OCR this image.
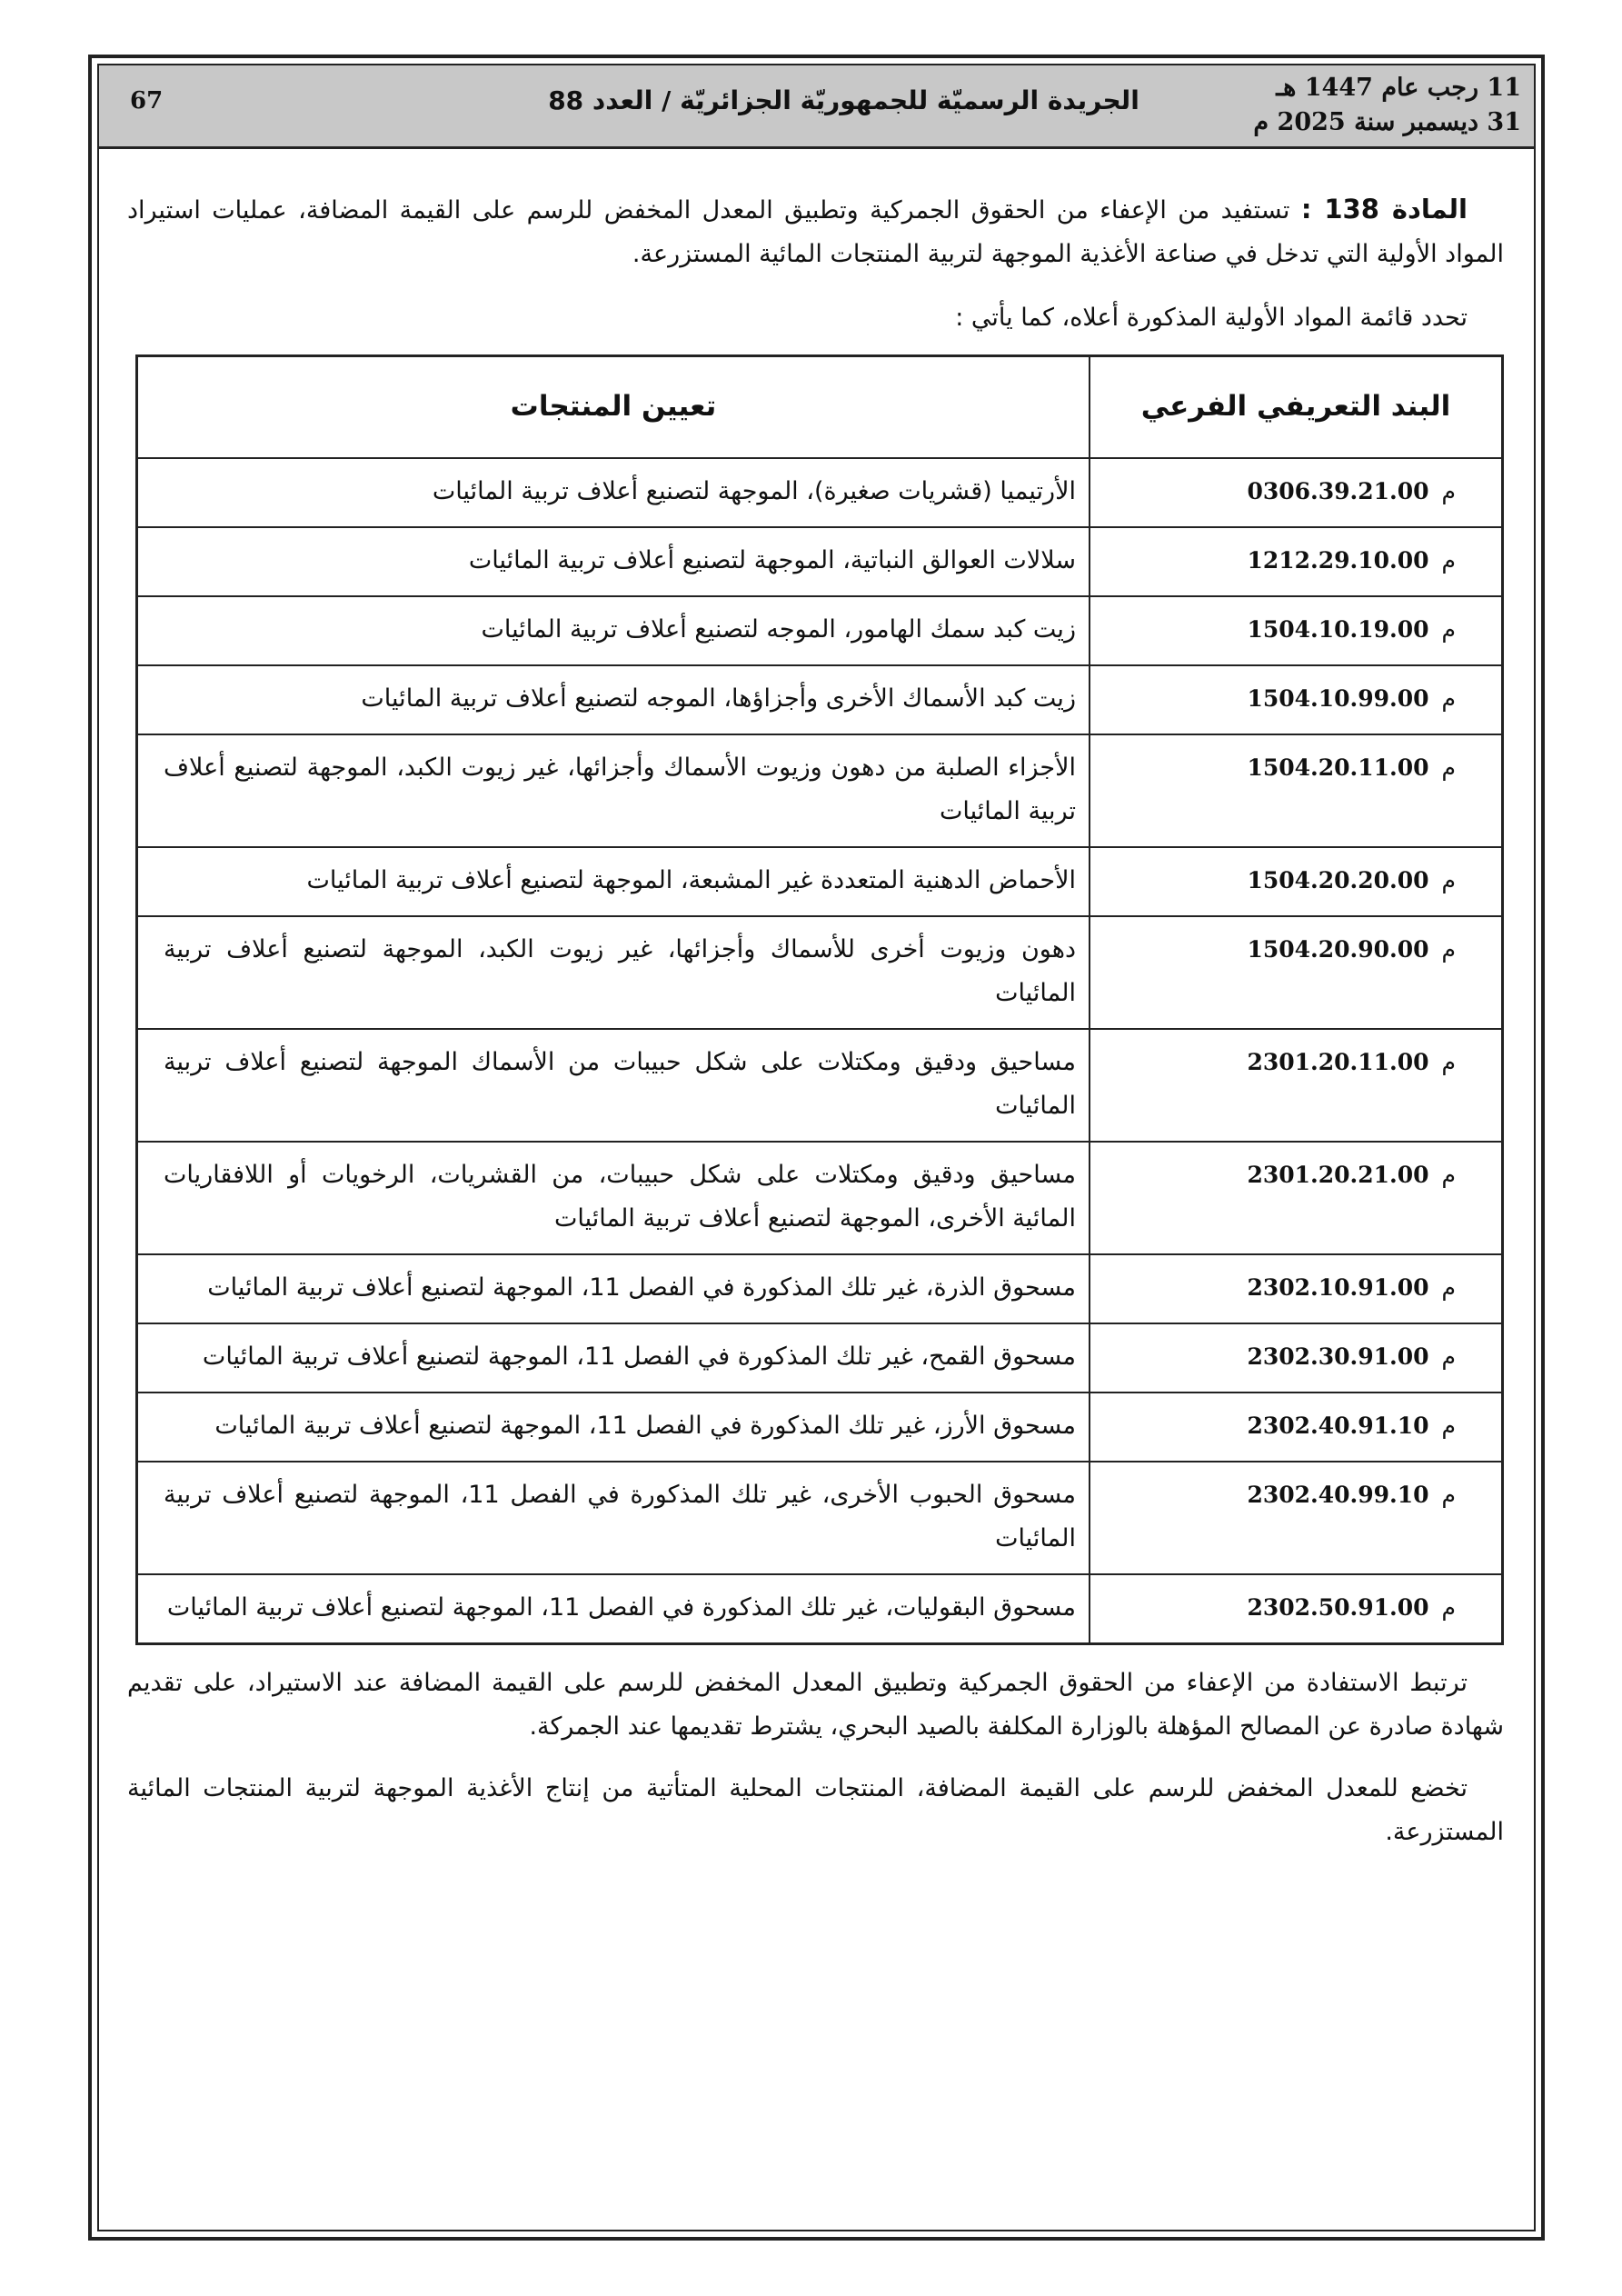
11 رجب عام 1447 هـ
31 ديسمبر سنة 2025 م
الجريدة الرسميّة للجمهوريّة الجزائريّة / العدد 88
67
المادة 138 : تستفيد من الإعفاء من الحقوق الجمركية وتطبيق المعدل المخفض للرسم على القيمة المضافة، عمليات استيراد المواد الأولية التي تدخل في صناعة الأغذية الموجهة لتربية المنتجات المائية المستزرعة.
تحدد قائمة المواد الأولية المذكورة أعلاه، كما يأتي :
البند التعريفي الفرعي	تعيين المنتجات
م0306.39.21.00	الأرتيميا (قشريات صغيرة)، الموجهة لتصنيع أعلاف تربية المائيات
م1212.29.10.00	سلالات العوالق النباتية، الموجهة لتصنيع أعلاف تربية المائيات
م1504.10.19.00	زيت كبد سمك الهامور، الموجه لتصنيع أعلاف تربية المائيات
م1504.10.99.00	زيت كبد الأسماك الأخرى وأجزاؤها، الموجه لتصنيع أعلاف تربية المائيات
م1504.20.11.00	الأجزاء الصلبة من دهون وزيوت الأسماك وأجزائها، غير زيوت الكبد، الموجهة لتصنيع أعلاف تربية المائيات
م1504.20.20.00	الأحماض الدهنية المتعددة غير المشبعة، الموجهة لتصنيع أعلاف تربية المائيات
م1504.20.90.00	دهون وزيوت أخرى للأسماك وأجزائها، غير زيوت الكبد، الموجهة لتصنيع أعلاف تربية المائيات
م2301.20.11.00	مساحيق ودقيق ومكتلات على شكل حبيبات من الأسماك الموجهة لتصنيع أعلاف تربية المائيات
م2301.20.21.00	مساحيق ودقيق ومكتلات على شكل حبيبات، من القشريات، الرخويات أو اللافقاريات المائية الأخرى، الموجهة لتصنيع أعلاف تربية المائيات
م2302.10.91.00	مسحوق الذرة، غير تلك المذكورة في الفصل 11، الموجهة لتصنيع أعلاف تربية المائيات
م2302.30.91.00	مسحوق القمح، غير تلك المذكورة في الفصل 11، الموجهة لتصنيع أعلاف تربية المائيات
م2302.40.91.10	مسحوق الأرز، غير تلك المذكورة في الفصل 11، الموجهة لتصنيع أعلاف تربية المائيات
م2302.40.99.10	مسحوق الحبوب الأخرى، غير تلك المذكورة في الفصل 11، الموجهة لتصنيع أعلاف تربية المائيات
م2302.50.91.00	مسحوق البقوليات، غير تلك المذكورة في الفصل 11، الموجهة لتصنيع أعلاف تربية المائيات
ترتبط الاستفادة من الإعفاء من الحقوق الجمركية وتطبيق المعدل المخفض للرسم على القيمة المضافة عند الاستيراد، على تقديم شهادة صادرة عن المصالح المؤهلة بالوزارة المكلفة بالصيد البحري، يشترط تقديمها عند الجمركة.
تخضع للمعدل المخفض للرسم على القيمة المضافة، المنتجات المحلية المتأتية من إنتاج الأغذية الموجهة لتربية المنتجات المائية المستزرعة.
